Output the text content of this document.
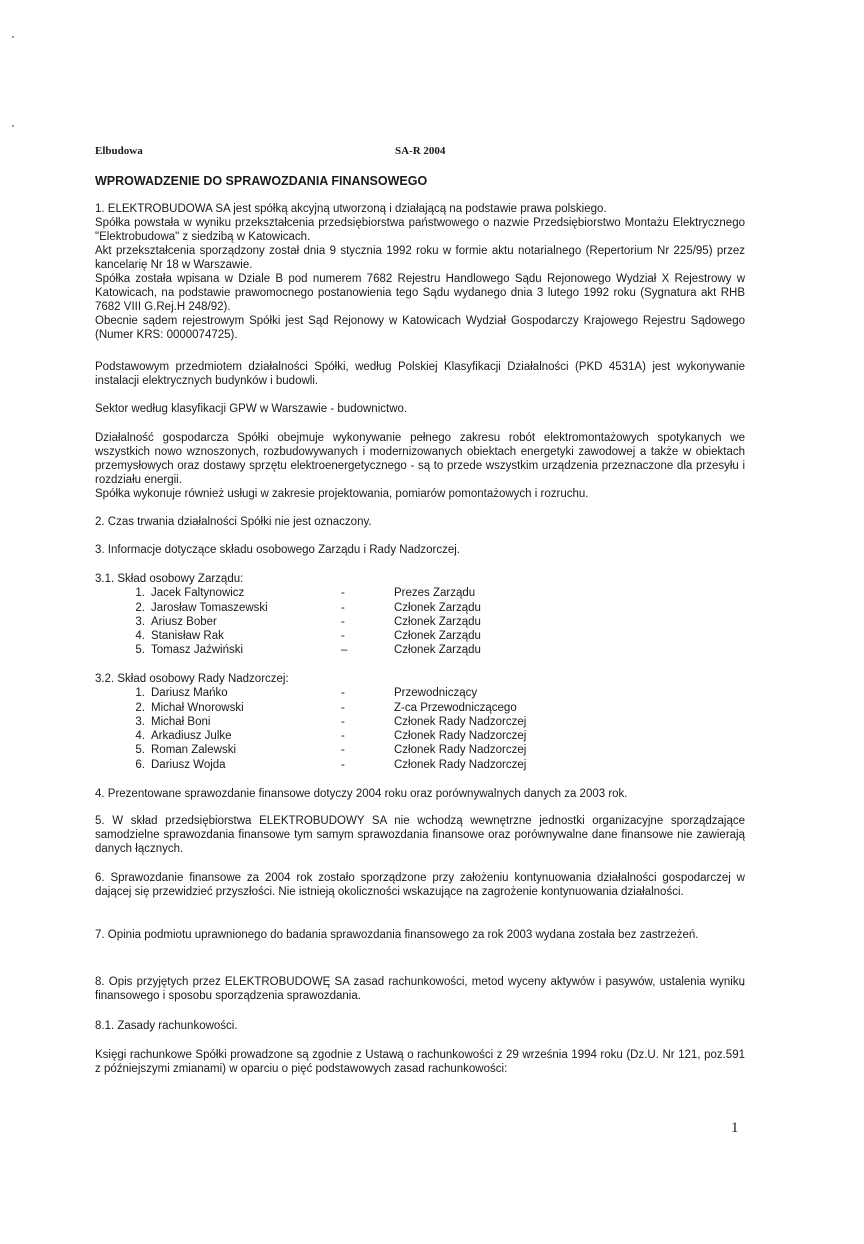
Elbudowa	SA-R 2004
WPROWADZENIE DO SPRAWOZDANIA FINANSOWEGO

1. ELEKTROBUDOWA SA jest spółką akcyjną utworzoną i działającą na podstawie prawa polskiego.

Spółka powstała w wyniku przekształcenia przedsiębiorstwa państwowego o nazwie Przedsiębiorstwo Montażu Elektrycznego "Elektrobudowa" z siedzibą w Katowicach.

Akt przekształcenia sporządzony został dnia 9 stycznia 1992 roku w formie aktu notarialnego (Repertorium Nr 225/95) przez kancelarię Nr 18 w Warszawie.

Spółka została wpisana w Dziale B pod numerem 7682 Rejestru Handlowego Sądu Rejonowego Wydział X Rejestrowy w Katowicach, na podstawie prawomocnego postanowienia tego Sądu wydanego dnia 3 lutego 1992 roku (Sygnatura akt RHB 7682 VIII G.Rej.H 248/92).

Obecnie sądem rejestrowym Spółki jest Sąd Rejonowy w Katowicach Wydział Gospodarczy Krajowego Rejestru Sądowego (Numer KRS: 0000074725).

Podstawowym przedmiotem działalności Spółki, według Polskiej Klasyfikacji Działalności (PKD 4531A) jest wykonywanie instalacji elektrycznych budynków i budowli.
Sektor według klasyfikacji GPW w Warszawie - budownictwo.

Działalność gospodarcza Spółki obejmuje wykonywanie pełnego zakresu robót elektromontażowych spotykanych we wszystkich nowo wznoszonych, rozbudowywanych i modernizowanych obiektach energetyki zawodowej a także w obiektach przemysłowych oraz dostawy sprzętu elektroenergetycznego - są to przede wszystkim urządzenia przeznaczone dla przesyłu i rozdziału energii.

Spółka wykonuje również usługi w zakresie projektowania, pomiarów pomontażowych i rozruchu.

2. Czas trwania działalności Spółki nie jest oznaczony.
3. Informacje dotyczące składu osobowego Zarządu i Rady Nadzorczej.

3.1. Skład osobowy Zarządu:

1. Jacek Faltynowicz	-	Prezes Zarządu
2. Jarosław Tomaszewski	-	Członek Zarządu
3. Ariusz Bober	-	Członek Zarządu
4. Stanisław Rak	-	Członek Zarządu
5. Tomasz Jaźwiński	–	Członek Zarządu

3.2. Skład osobowy Rady Nadzorczej:

1. Dariusz Mańko	-	Przewodniczący
2. Michał Wnorowski	-	Z-ca Przewodniczącego
3. Michał Boni	-	Członek Rady Nadzorczej
4. Arkadiusz Julke	-	Członek Rady Nadzorczej
5. Roman Zalewski	-	Członek Rady Nadzorczej
6. Dariusz Wojda	-	Członek Rady Nadzorczej
4. Prezentowane sprawozdanie finansowe dotyczy 2004 roku oraz porównywalnych danych za 2003 rok.
5. W skład przedsiębiorstwa ELEKTROBUDOWY SA nie wchodzą wewnętrzne jednostki organizacyjne sporządzające samodzielne sprawozdania finansowe tym samym sprawozdania finansowe oraz porównywalne dane finansowe nie zawierają danych łącznych.
6. Sprawozdanie finansowe za 2004 rok zostało sporządzone przy założeniu kontynuowania działalności gospodarczej w dającej się przewidzieć przyszłości. Nie istnieją okoliczności wskazujące na zagrożenie kontynuowania działalności.
7. Opinia podmiotu uprawnionego do badania sprawozdania finansowego za rok 2003 wydana została bez zastrzeżeń.
8. Opis przyjętych przez ELEKTROBUDOWĘ SA zasad rachunkowości, metod wyceny aktywów i pasywów, ustalenia wyniku finansowego i sposobu sporządzenia sprawozdania.
8.1. Zasady rachunkowości.
Księgi rachunkowe Spółki prowadzone są zgodnie z Ustawą o rachunkowości z 29 września 1994 roku (Dz.U. Nr 121, poz.591 z późniejszymi zmianami) w oparciu o pięć podstawowych zasad rachunkowości:
1
